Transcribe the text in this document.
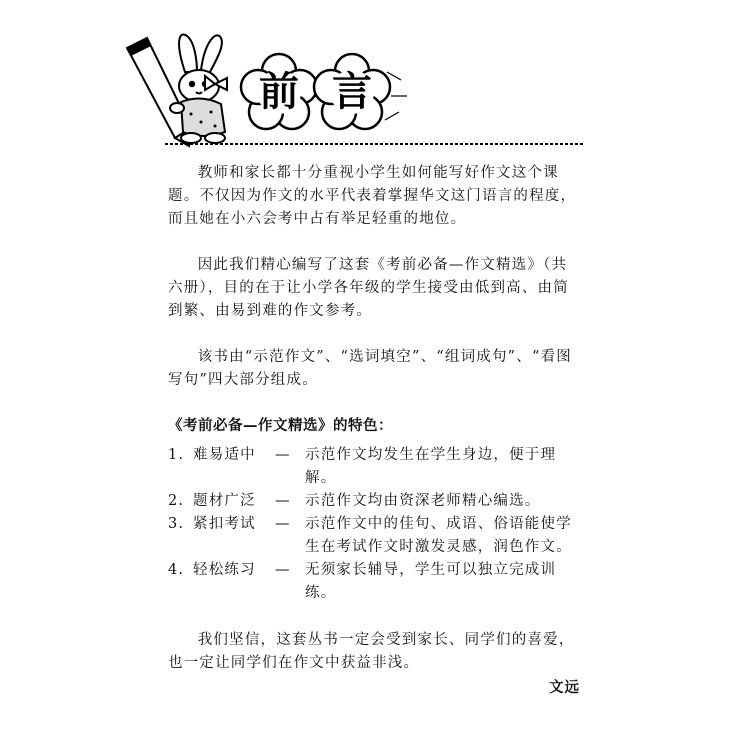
前 言

教师和家长都十分重视小学生如何能写好作文这个课题。不仅因为作文的水平代表着掌握华文这门语言的程度，而且她在小六会考中占有举足轻重的地位。

因此我们精心编写了这套《考前必备—作文精选》（共六册），目的在于让小学各年级的学生接受由低到高、由简到繁、由易到难的作文参考。

该书由“示范作文”、“选词填空”、“组词成句”、“看图写句”四大部分组成。

《考前必备—作文精选》的特色：
1. 难易适中	— 示范作文均发生在学生身边，便于理解。
2. 题材广泛	— 示范作文均由资深老师精心编选。
3. 紧扣考试	— 示范作文中的佳句、成语、俗语能使学生在考试作文时激发灵感，润色作文。
4. 轻松练习	— 无须家长辅导，学生可以独立完成训练。

我们坚信，这套丛书一定会受到家长、同学们的喜爱，也一定让同学们在作文中获益非浅。

文远
